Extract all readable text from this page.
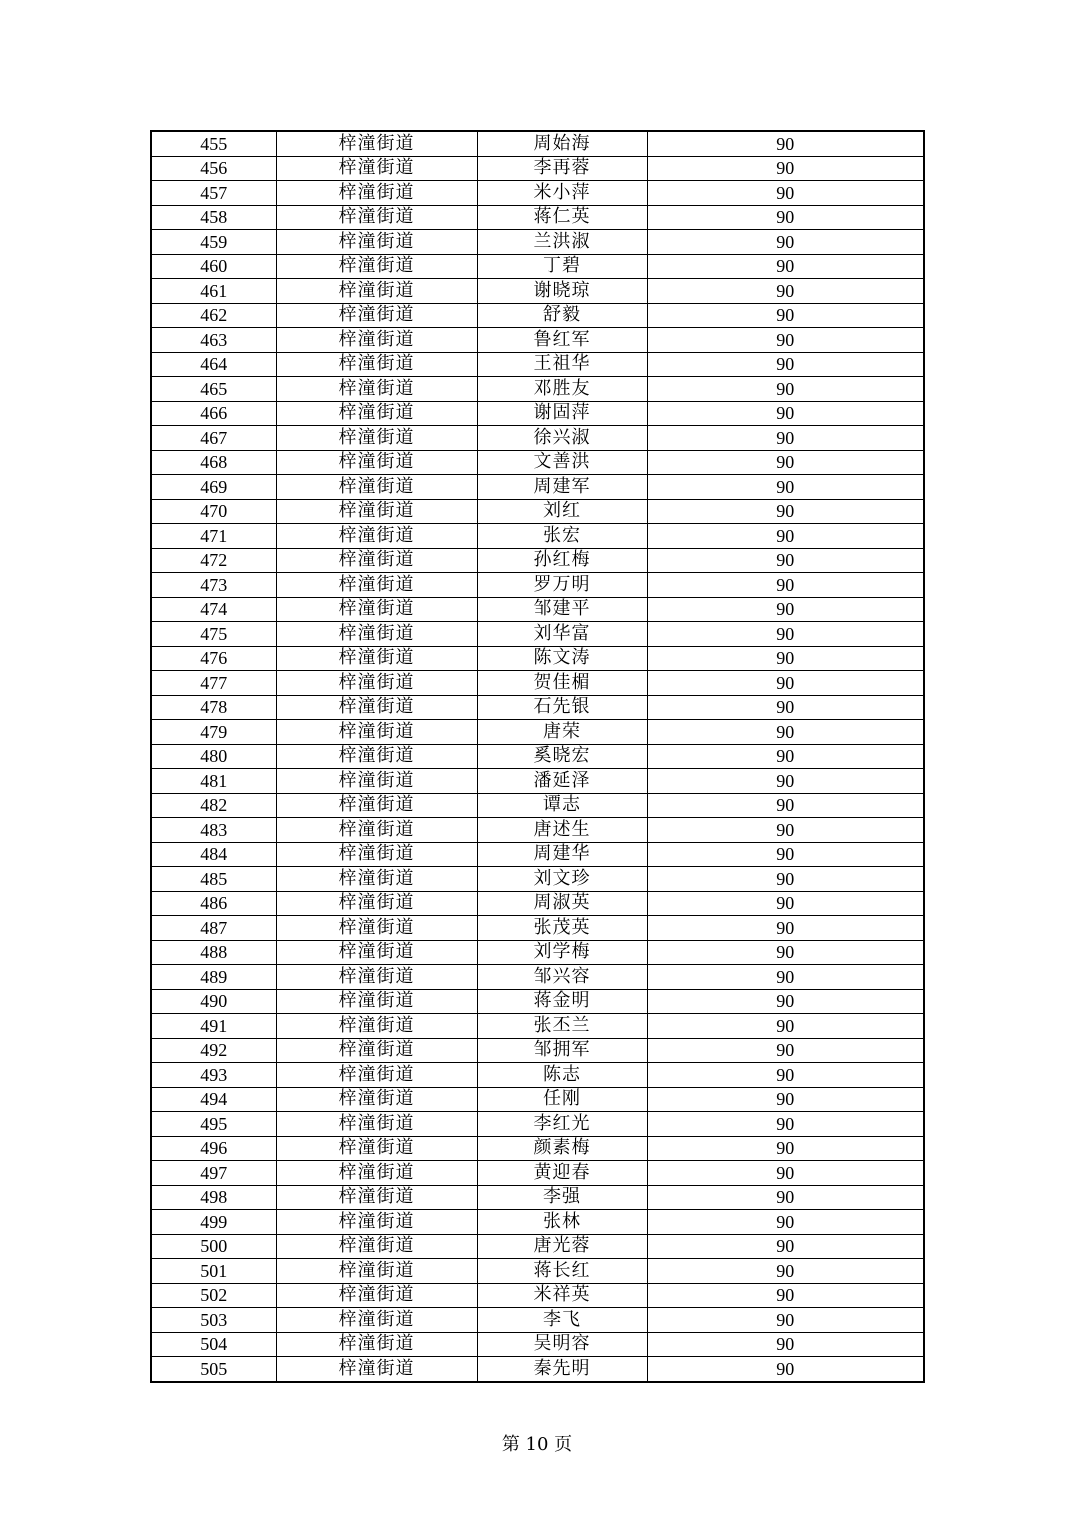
455	梓潼街道	周始海	90
456	梓潼街道	李再蓉	90
457	梓潼街道	米小萍	90
458	梓潼街道	蒋仁英	90
459	梓潼街道	兰洪淑	90
460	梓潼街道	丁碧	90
461	梓潼街道	谢晓琼	90
462	梓潼街道	舒毅	90
463	梓潼街道	鲁红军	90
464	梓潼街道	王祖华	90
465	梓潼街道	邓胜友	90
466	梓潼街道	谢固萍	90
467	梓潼街道	徐兴淑	90
468	梓潼街道	文善洪	90
469	梓潼街道	周建军	90
470	梓潼街道	刘红	90
471	梓潼街道	张宏	90
472	梓潼街道	孙红梅	90
473	梓潼街道	罗万明	90
474	梓潼街道	邹建平	90
475	梓潼街道	刘华富	90
476	梓潼街道	陈文涛	90
477	梓潼街道	贺佳楣	90
478	梓潼街道	石先银	90
479	梓潼街道	唐荣	90
480	梓潼街道	奚晓宏	90
481	梓潼街道	潘延泽	90
482	梓潼街道	谭志	90
483	梓潼街道	唐述生	90
484	梓潼街道	周建华	90
485	梓潼街道	刘文珍	90
486	梓潼街道	周淑英	90
487	梓潼街道	张茂英	90
488	梓潼街道	刘学梅	90
489	梓潼街道	邹兴容	90
490	梓潼街道	蒋金明	90
491	梓潼街道	张丕兰	90
492	梓潼街道	邹拥军	90
493	梓潼街道	陈志	90
494	梓潼街道	任刚	90
495	梓潼街道	李红光	90
496	梓潼街道	颜素梅	90
497	梓潼街道	黄迎春	90
498	梓潼街道	李强	90
499	梓潼街道	张林	90
500	梓潼街道	唐光蓉	90
501	梓潼街道	蒋长红	90
502	梓潼街道	米祥英	90
503	梓潼街道	李飞	90
504	梓潼街道	吴明容	90
505	梓潼街道	秦先明	90
第 10 页
